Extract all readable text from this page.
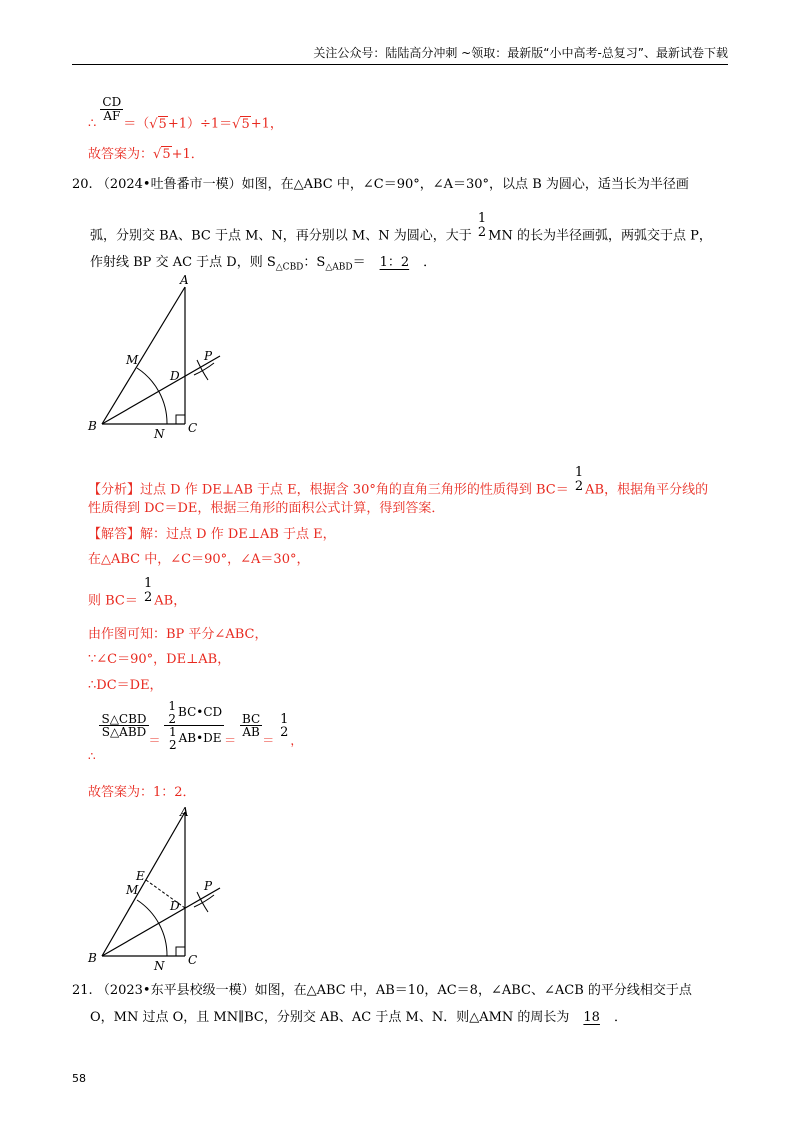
关注公众号：陆陆高分冲刺 ~领取：最新版“小中高考-总复习”、最新试卷下载
∴
$\frac{CD}{AF}$
＝（√5+1）÷1＝√5+1，
故答案为：√5+1．
20. （2024•吐鲁番市一模）如图，在△ABC 中，∠C＝90°，∠A＝30°，以点 B 为圆心，适当长为半径画
弧，分别交 BA、BC 于点 M、N，再分别以 M、N 为圆心，大于
1
2 MN 的长为半径画弧，两弧交于点 P，
作射线 BP 交 AC 于点 D，则 $S_{\triangle CBD}$：$S_{\triangle ABD}= 1$：2 ．
A
B	C
D
M
N
P
【分析】过点 D 作 DE⊥AB 于点 E，根据含 30°角的直角三角形的性质得到 BC＝
1
2 AB，根据角平分线的
性质得到 DC＝DE，根据三角形的面积公式计算，得到答案．
【解答】解：过点 D 作 DE⊥AB 于点 E，
在△ABC 中，∠C＝90°，∠A＝30°，
则 BC＝
1
2 AB，
由作图可知：BP 平分∠ABC，
∵∠C＝90°，DE⊥AB，
∴DC＝DE，
∴
$\frac{\text{S△CBD}}{\text{S△ABD}}$
＝ 1
2 BC•CD
1
2 AB•DE ＝
$\frac{BC}{AB}$
＝
1
2 ，
故答案为：1：2．
A
B	C
D
E
M
N
P
21. （2023•东平县校级一模）如图，在△ABC 中，AB＝10，AC＝8，∠ABC、∠ACB 的平分线相交于点
O，MN 过点 O，且 MN∥BC，分别交 AB、AC 于点 M、N．则△AMN 的周长为 18 ．
58
